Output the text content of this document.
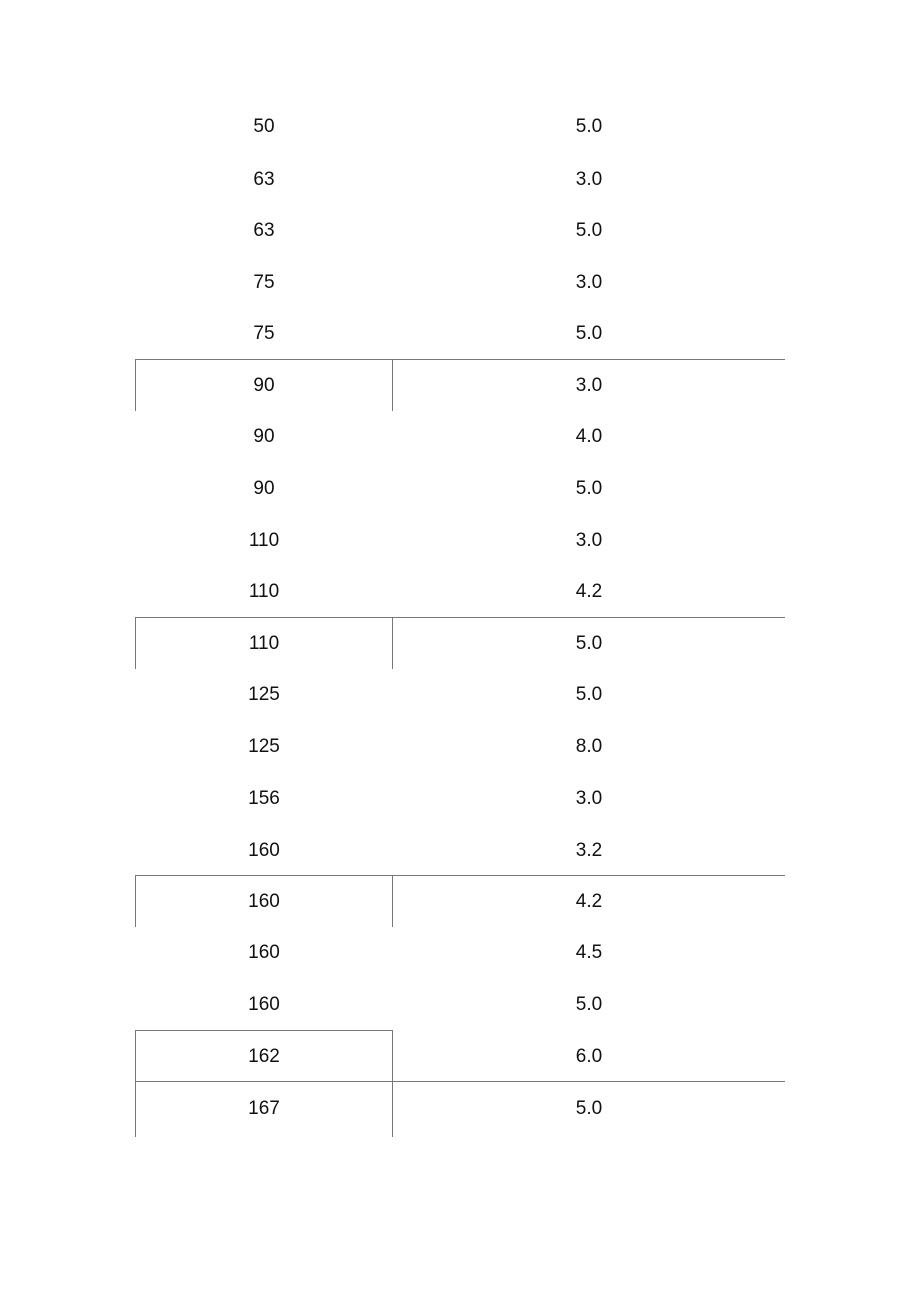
50	5.0
63	3.0
63	5.0
75	3.0
75	5.0
90	3.0
90	4.0
90	5.0
110	3.0
110	4.2
110	5.0
125	5.0
125	8.0
156	3.0
160	3.2
160	4.2
160	4.5
160	5.0
162	6.0
167	5.0
